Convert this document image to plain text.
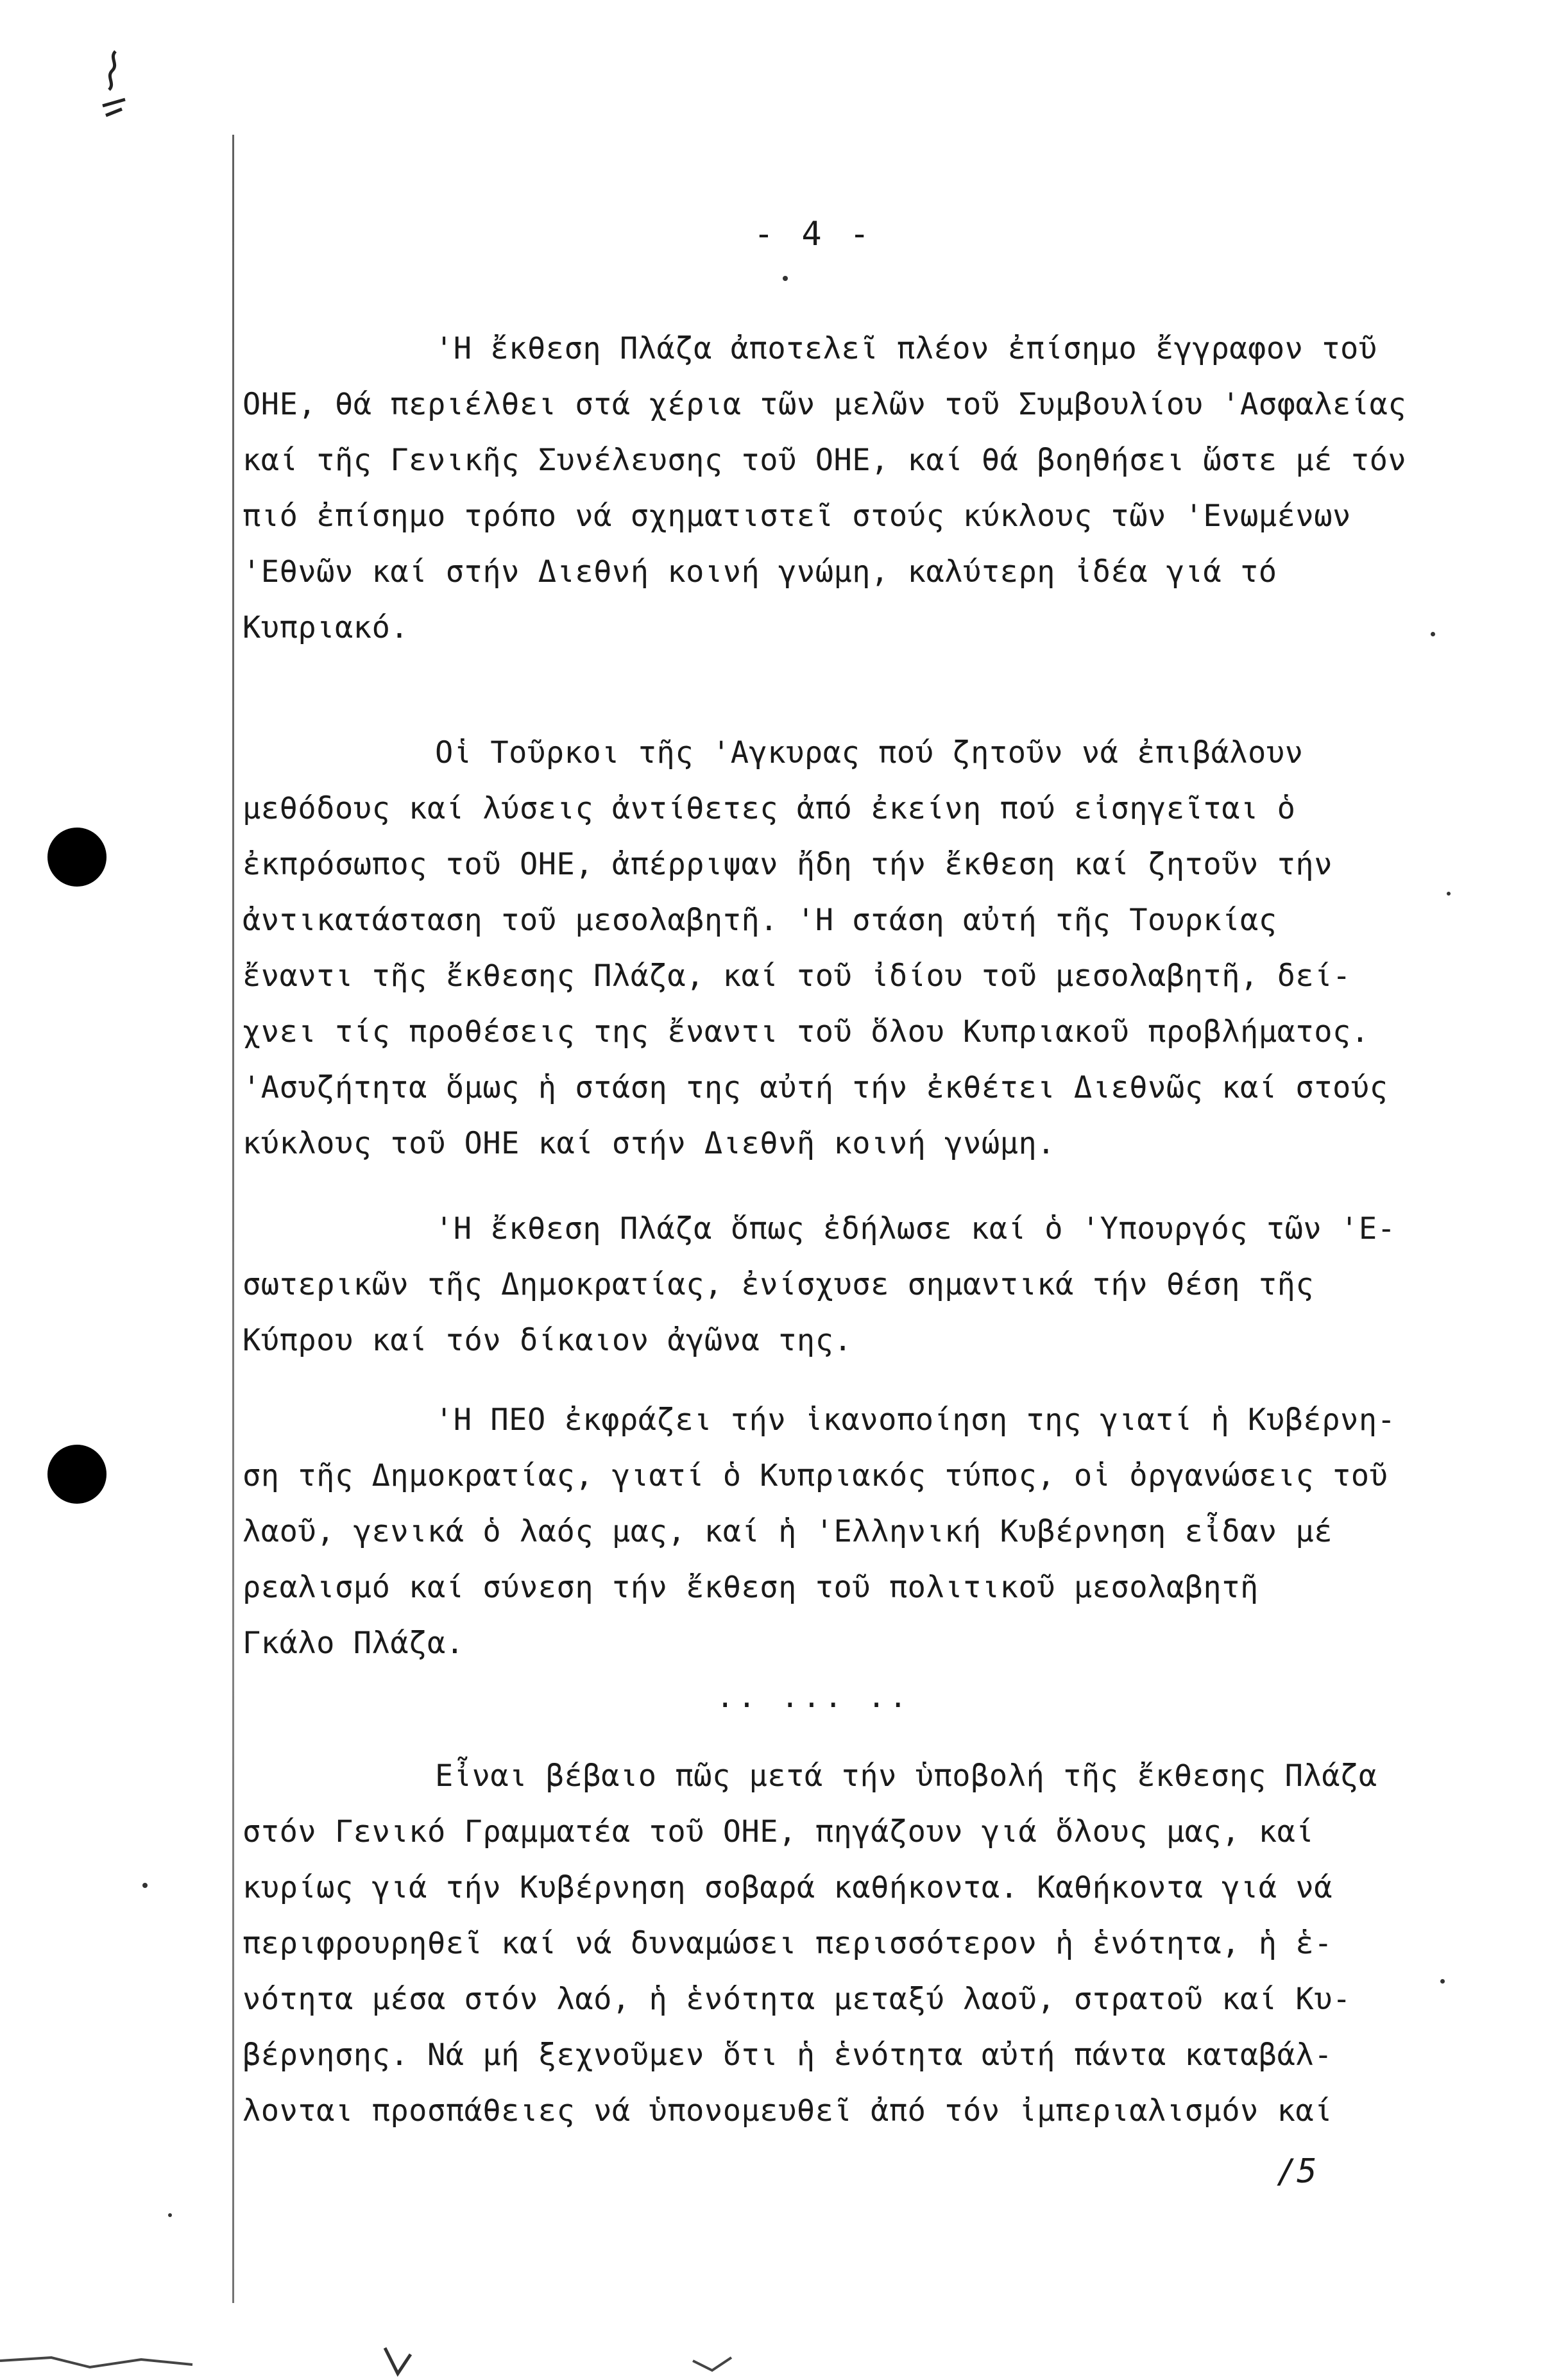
- 4 -
'Η ἔκθεση Πλάζα ἀποτελεῖ πλέον ἐπίσημο ἔγγραφον τοῦ
ΟΗΕ, θά περιέλθει στά χέρια τῶν μελῶν τοῦ Συμβουλίου 'Ασφαλείας
καί τῆς Γενικῆς Συνέλευσης τοῦ ΟΗΕ, καί θά βοηθήσει ὥστε μέ τόν
πιό ἐπίσημο τρόπο νά σχηματιστεῖ στούς κύκλους τῶν 'Ενωμένων
'Εθνῶν καί στήν Διεθνή κοινή γνώμη, καλύτερη ἰδέα γιά τό
Κυπριακό.
Οἱ Τοῦρκοι τῆς 'Αγκυρας πού ζητοῦν νά ἐπιβάλουν
μεθόδους καί λύσεις ἀντίθετες ἀπό ἐκείνη πού εἰσηγεῖται ὁ
ἐκπρόσωπος τοῦ ΟΗΕ, ἀπέρριψαν ἤδη τήν ἔκθεση καί ζητοῦν τήν
ἀντικατάσταση τοῦ μεσολαβητῆ. 'Η στάση αὐτή τῆς Τουρκίας
ἔναντι τῆς ἔκθεσης Πλάζα, καί τοῦ ἰδίου τοῦ μεσολαβητῆ, δεί-
χνει τίς προθέσεις της ἔναντι τοῦ ὅλου Κυπριακοῦ προβλήματος.
'Ασυζήτητα ὅμως ἡ στάση της αὐτή τήν ἐκθέτει Διεθνῶς καί στούς
κύκλους τοῦ ΟΗΕ καί στήν Διεθνῆ κοινή γνώμη.
'Η ἔκθεση Πλάζα ὅπως ἐδήλωσε καί ὁ 'Υπουργός τῶν 'Ε-
σωτερικῶν τῆς Δημοκρατίας, ἐνίσχυσε σημαντικά τήν θέση τῆς
Κύπρου καί τόν δίκαιον ἀγῶνα της.
'Η ΠΕΟ ἐκφράζει τήν ἱκανοποίηση της γιατί ἡ Κυβέρνη-
ση τῆς Δημοκρατίας, γιατί ὁ Κυπριακός τύπος, οἱ ὀργανώσεις τοῦ
λαοῦ, γενικά ὁ λαός μας, καί ἡ 'Ελληνική Κυβέρνηση εἶδαν μέ
ρεαλισμό καί σύνεση τήν ἔκθεση τοῦ πολιτικοῦ μεσολαβητῆ
Γκάλο Πλάζα.
.. ... ..
Εἶναι βέβαιο πῶς μετά τήν ὑποβολή τῆς ἔκθεσης Πλάζα
στόν Γενικό Γραμματέα τοῦ ΟΗΕ, πηγάζουν γιά ὅλους μας, καί
κυρίως γιά τήν Κυβέρνηση σοβαρά καθήκοντα. Καθήκοντα γιά νά
περιφρουρηθεῖ καί νά δυναμώσει περισσότερον ἡ ἑνότητα, ἡ ἑ-
νότητα μέσα στόν λαό, ἡ ἑνότητα μεταξύ λαοῦ, στρατοῦ καί Κυ-
βέρνησης. Νά μή ξεχνοῦμεν ὅτι ἡ ἑνότητα αὐτή πάντα καταβάλ-
λονται προσπάθειες νά ὑπονομευθεῖ ἀπό τόν ἰμπεριαλισμόν καί
/5
